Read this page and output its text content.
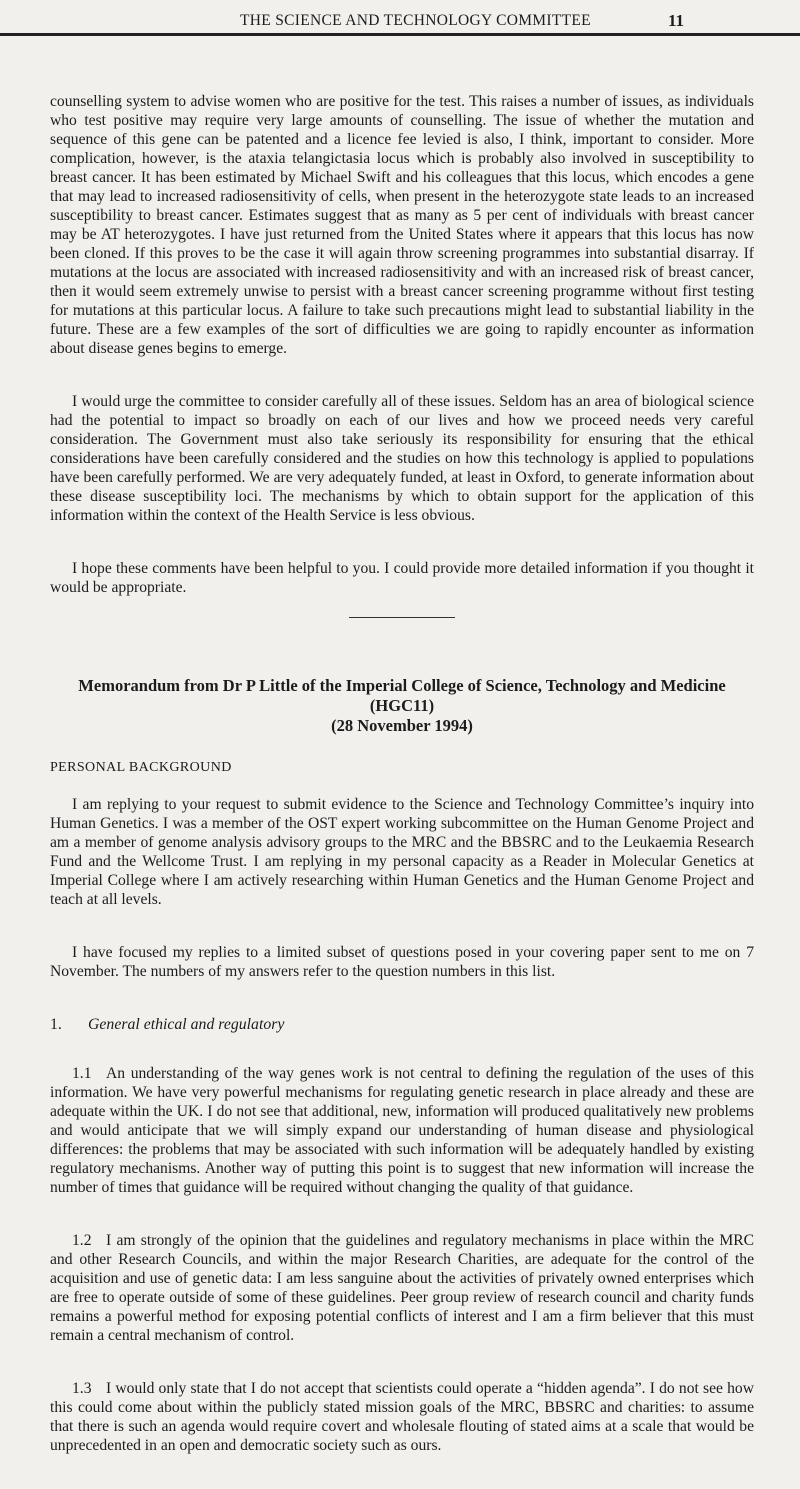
THE SCIENCE AND TECHNOLOGY COMMITTEE	11

counselling system to advise women who are positive for the test. This raises a number of issues, as individuals who test positive may require very large amounts of counselling. The issue of whether the mutation and sequence of this gene can be patented and a licence fee levied is also, I think, important to consider. More complication, however, is the ataxia telangictasia locus which is probably also involved in susceptibility to breast cancer. It has been estimated by Michael Swift and his colleagues that this locus, which encodes a gene that may lead to increased radiosensitivity of cells, when present in the heterozygote state leads to an increased susceptibility to breast cancer. Estimates suggest that as many as 5 per cent of individuals with breast cancer may be AT heterozygotes. I have just returned from the United States where it appears that this locus has now been cloned. If this proves to be the case it will again throw screening programmes into substantial disarray. If mutations at the locus are associated with increased radiosensitivity and with an increased risk of breast cancer, then it would seem extremely unwise to persist with a breast cancer screening programme without first testing for mutations at this particular locus. A failure to take such precautions might lead to substantial liability in the future. These are a few examples of the sort of difficulties we are going to rapidly encounter as information about disease genes begins to emerge.

I would urge the committee to consider carefully all of these issues. Seldom has an area of biological science had the potential to impact so broadly on each of our lives and how we proceed needs very careful consideration. The Government must also take seriously its responsibility for ensuring that the ethical considerations have been carefully considered and the studies on how this technology is applied to populations have been carefully performed. We are very adequately funded, at least in Oxford, to generate information about these disease susceptibility loci. The mechanisms by which to obtain support for the application of this information within the context of the Health Service is less obvious.

I hope these comments have been helpful to you. I could provide more detailed information if you thought it would be appropriate.

Memorandum from Dr P Little of the Imperial College of Science, Technology and Medicine (HGC11)
(28 November 1994)
PERSONAL BACKGROUND

I am replying to your request to submit evidence to the Science and Technology Committee’s inquiry into Human Genetics. I was a member of the OST expert working subcommittee on the Human Genome Project and am a member of genome analysis advisory groups to the MRC and the BBSRC and to the Leukaemia Research Fund and the Wellcome Trust. I am replying in my personal capacity as a Reader in Molecular Genetics at Imperial College where I am actively researching within Human Genetics and the Human Genome Project and teach at all levels.

I have focused my replies to a limited subset of questions posed in your covering paper sent to me on 7 November. The numbers of my answers refer to the question numbers in this list.

1. General ethical and regulatory

1.1 An understanding of the way genes work is not central to defining the regulation of the uses of this information. We have very powerful mechanisms for regulating genetic research in place already and these are adequate within the UK. I do not see that additional, new, information will produced qualitatively new problems and would anticipate that we will simply expand our understanding of human disease and physiological differences: the problems that may be associated with such information will be adequately handled by existing regulatory mechanisms. Another way of putting this point is to suggest that new information will increase the number of times that guidance will be required without changing the quality of that guidance.

1.2 I am strongly of the opinion that the guidelines and regulatory mechanisms in place within the MRC and other Research Councils, and within the major Research Charities, are adequate for the control of the acquisition and use of genetic data: I am less sanguine about the activities of privately owned enterprises which are free to operate outside of some of these guidelines. Peer group review of research council and charity funds remains a powerful method for exposing potential conflicts of interest and I am a firm believer that this must remain a central mechanism of control.

1.3 I would only state that I do not accept that scientists could operate a “hidden agenda”. I do not see how this could come about within the publicly stated mission goals of the MRC, BBSRC and charities: to assume that there is such an agenda would require covert and wholesale flouting of stated aims at a scale that would be unprecedented in an open and democratic society such as ours.
